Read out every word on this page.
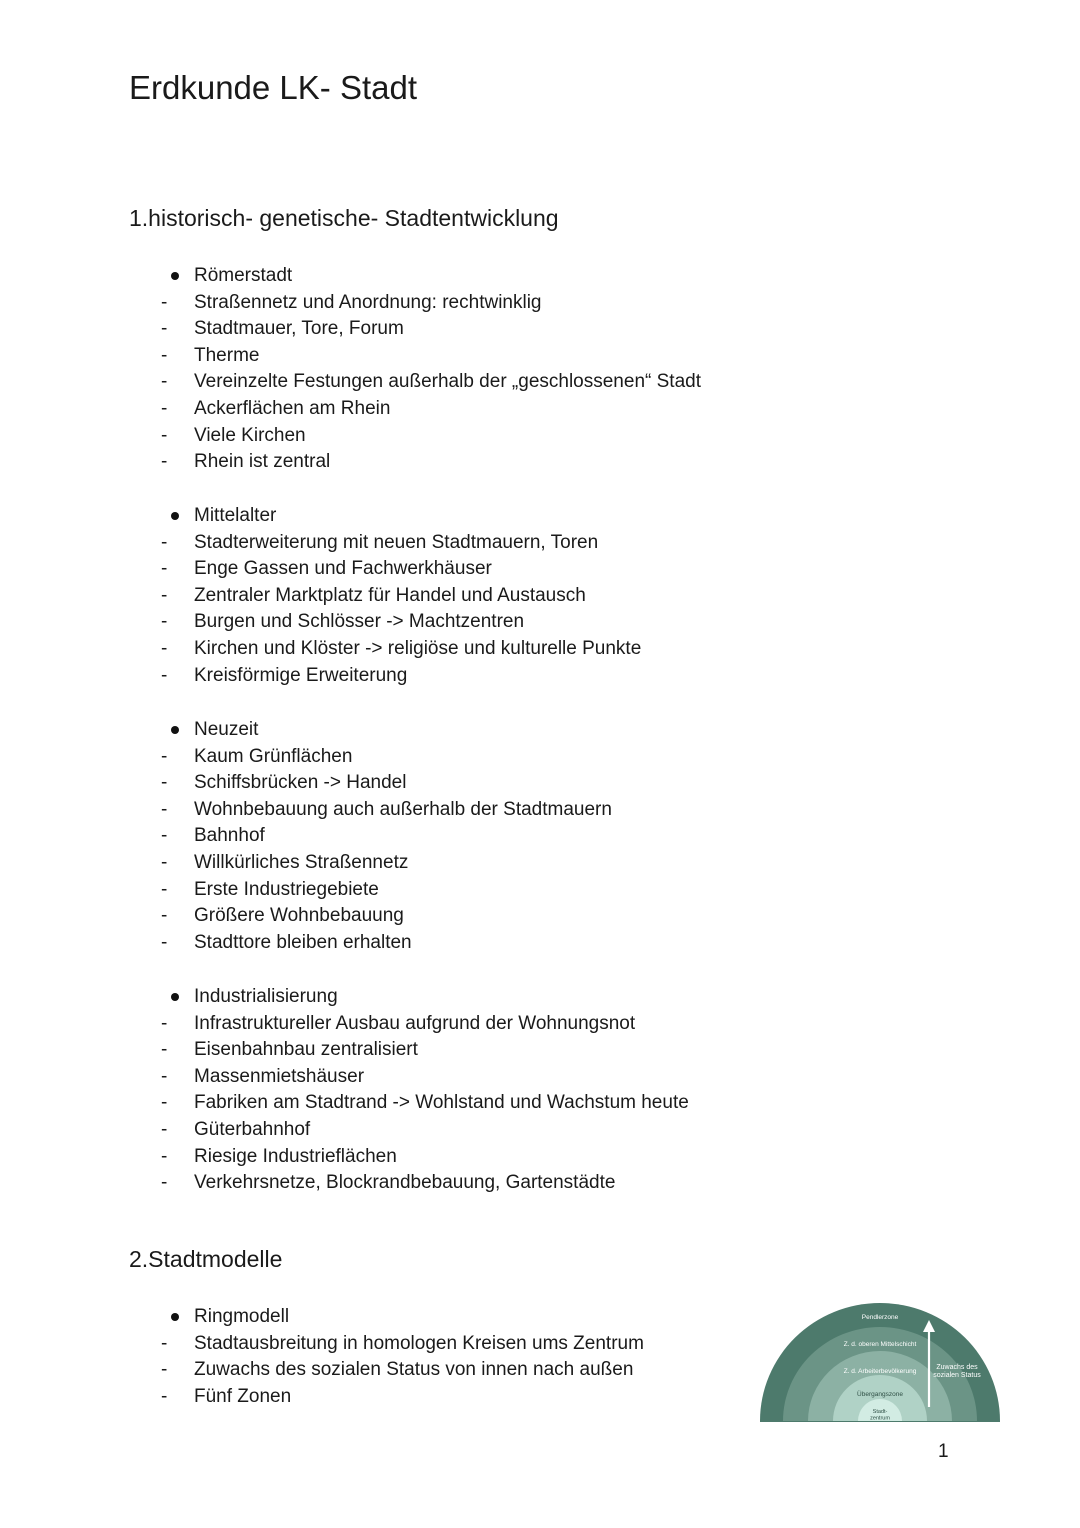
Erdkunde LK- Stadt
1.historisch- genetische- Stadtentwicklung
Römerstadt
- Straßennetz und Anordnung: rechtwinklig
- Stadtmauer, Tore, Forum
- Therme
- Vereinzelte Festungen außerhalb der „geschlossenen“ Stadt
- Ackerflächen am Rhein
- Viele Kirchen
- Rhein ist zentral
Mittelalter
- Stadterweiterung mit neuen Stadtmauern, Toren
- Enge Gassen und Fachwerkhäuser
- Zentraler Marktplatz für Handel und Austausch
- Burgen und Schlösser -> Machtzentren
- Kirchen und Klöster -> religiöse und kulturelle Punkte
- Kreisförmige Erweiterung
Neuzeit
- Kaum Grünflächen
- Schiffsbrücken -> Handel
- Wohnbebauung auch außerhalb der Stadtmauern
- Bahnhof
- Willkürliches Straßennetz
- Erste Industriegebiete
- Größere Wohnbebauung
- Stadttore bleiben erhalten
Industrialisierung
- Infrastruktureller Ausbau aufgrund der Wohnungsnot
- Eisenbahnbau zentralisiert
- Massenmietshäuser
- Fabriken am Stadtrand -> Wohlstand und Wachstum heute
- Güterbahnhof
- Riesige Industrieflächen
- Verkehrsnetze, Blockrandbebauung, Gartenstädte
2.Stadtmodelle
Ringmodell
- Stadtausbreitung in homologen Kreisen ums Zentrum
- Zuwachs des sozialen Status von innen nach außen
- Fünf Zonen
Pendlerzone
Z. d. oberen Mittelschicht
Z. d. Arbeiterbevölkerung
Übergangszone
Stadt-
zentrum
Zuwachs des
sozialen Status
1
